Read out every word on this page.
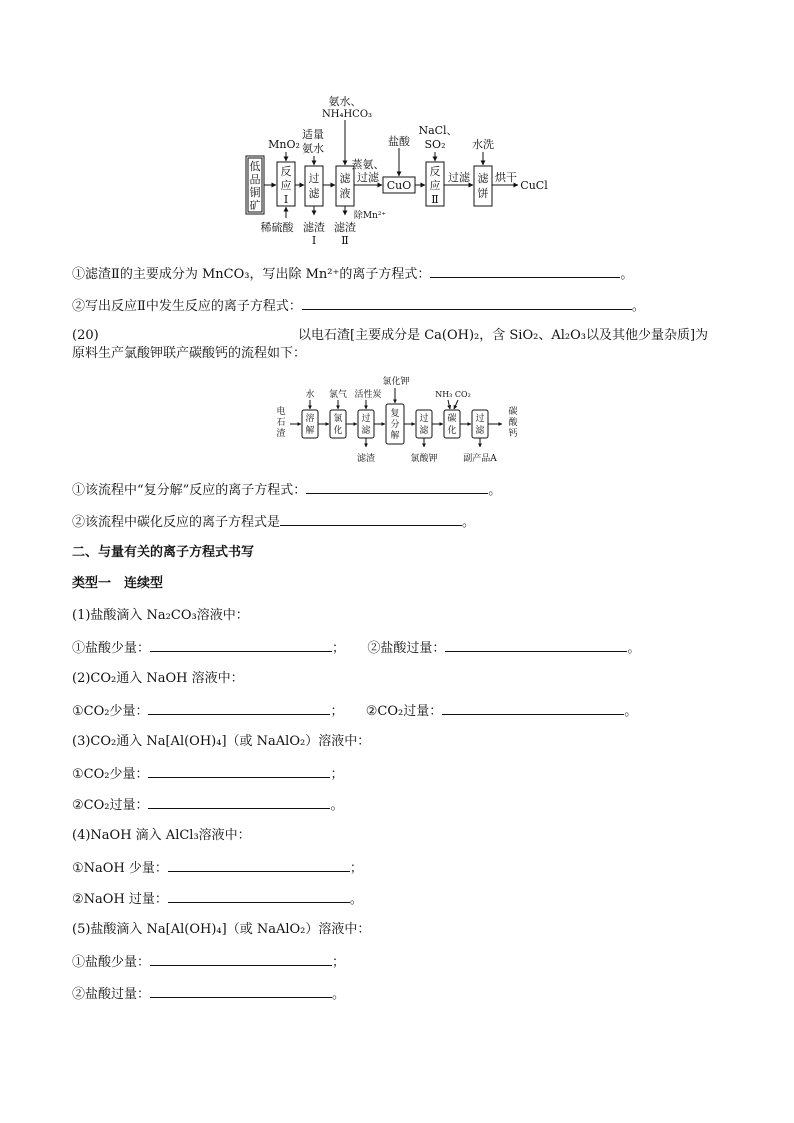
低
品
铜
矿
反
应
Ⅰ
过
滤
滤
液
CuO
反
应
Ⅱ
滤
饼
MnO₂
适量
氨水
氨水、
NH₄HCO₃
盐酸
NaCl、
SO₂ 水洗
蒸氨、
过滤	过滤 烘干
CuCl
稀硫酸 滤渣
Ⅰ
滤渣
Ⅱ
除Mn²⁺
①滤渣Ⅱ的主要成分为 MnCO₃，写出除 Mn²⁺的离子方程式：	。
②写出反应Ⅱ中发生反应的离子方程式：	。
(20)	以电石渣[主要成分是 Ca(OH)₂，含 SiO₂、Al₂O₃以及其他少量杂质]为
原料生产氯酸钾联产碳酸钙的流程如下：
电
石
渣
溶
解
氯
化
过
滤
复
分
解
过
滤
碳
化
过
滤
碳
酸
钙
水 氯气 活性炭
氯化钾
NH₃ CO₂
滤渣	氯酸钾	副产品A
①该流程中“复分解”反应的离子方程式：	。
②该流程中碳化反应的离子方程式是	。
二、与量有关的离子方程式书写
类型一　连续型
(1)盐酸滴入 Na₂CO₃溶液中：
①盐酸少量：	； ②盐酸过量：	。
(2)CO₂通入 NaOH 溶液中：
①CO₂少量：	； ②CO₂过量：	。
(3)CO₂通入 Na[Al(OH)₄]（或 NaAlO₂）溶液中：
①CO₂少量：	；
②CO₂过量：	。
(4)NaOH 滴入 AlCl₃溶液中：
①NaOH 少量：	；
②NaOH 过量：	。
(5)盐酸滴入 Na[Al(OH)₄]（或 NaAlO₂）溶液中：
①盐酸少量：	；
②盐酸过量：	。
